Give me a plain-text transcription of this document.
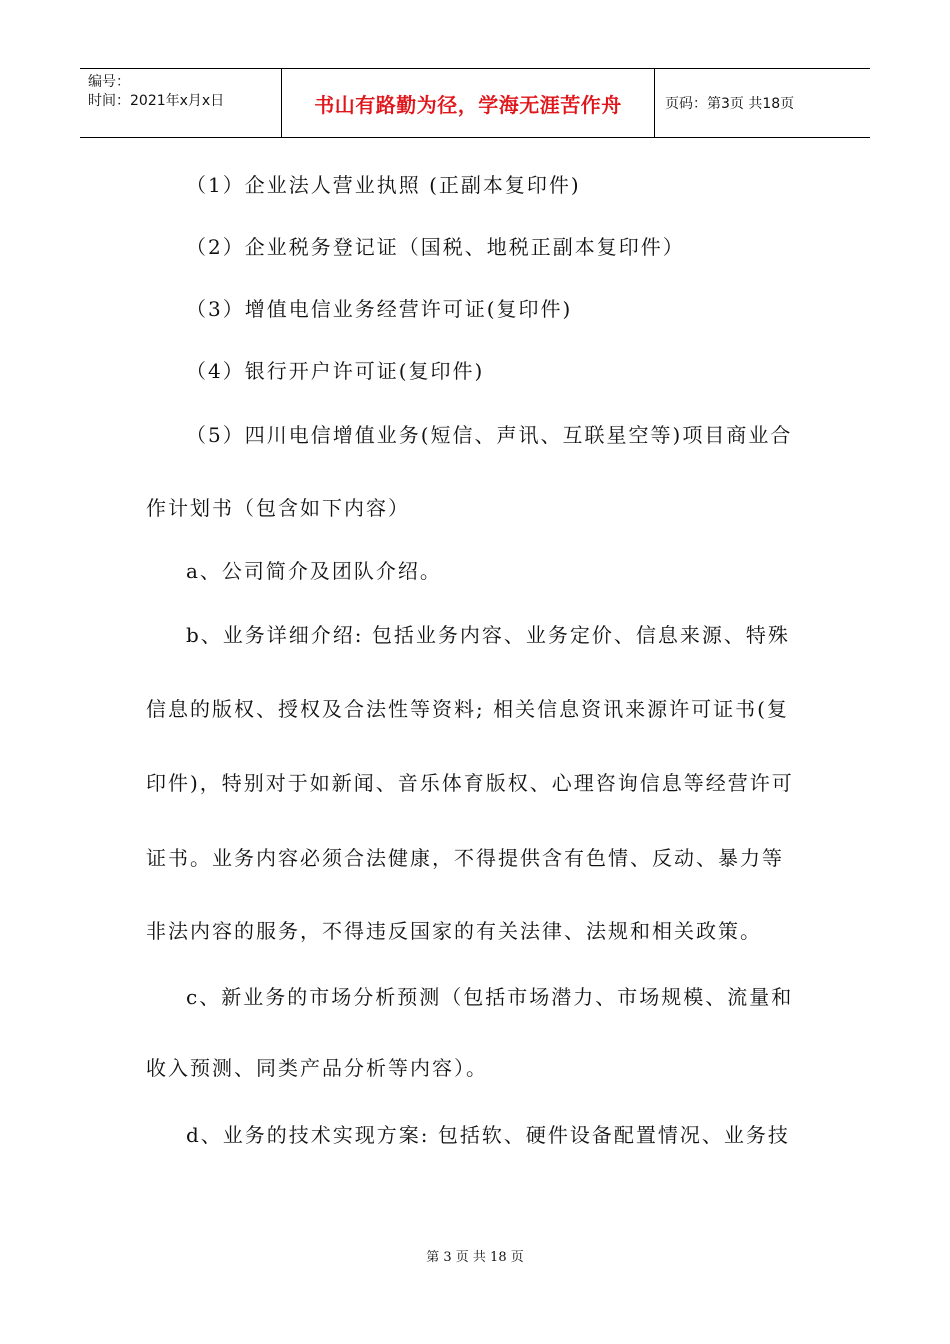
编号：
时间：2021年x月x日	书山有路勤为径，学海无涯苦作舟	页码：第3页 共18页
（1）企业法人营业执照 (正副本复印件)
（2）企业税务登记证（国税、地税正副本复印件）
（3）增值电信业务经营许可证(复印件)
（4）银行开户许可证(复印件)
（5）四川电信增值业务(短信、声讯、互联星空等)项目商业合
作计划书（包含如下内容）
a、公司简介及团队介绍。
b、业务详细介绍: 包括业务内容、业务定价、信息来源、特殊
信息的版权、授权及合法性等资料; 相关信息资讯来源许可证书(复
印件)，特别对于如新闻、音乐体育版权、心理咨询信息等经营许可
证书。业务内容必须合法健康，不得提供含有色情、反动、暴力等
非法内容的服务，不得违反国家的有关法律、法规和相关政策。
c、新业务的市场分析预测（包括市场潜力、市场规模、流量和
收入预测、同类产品分析等内容）。
d、业务的技术实现方案: 包括软、硬件设备配置情况、业务技
第 3 页 共 18 页
